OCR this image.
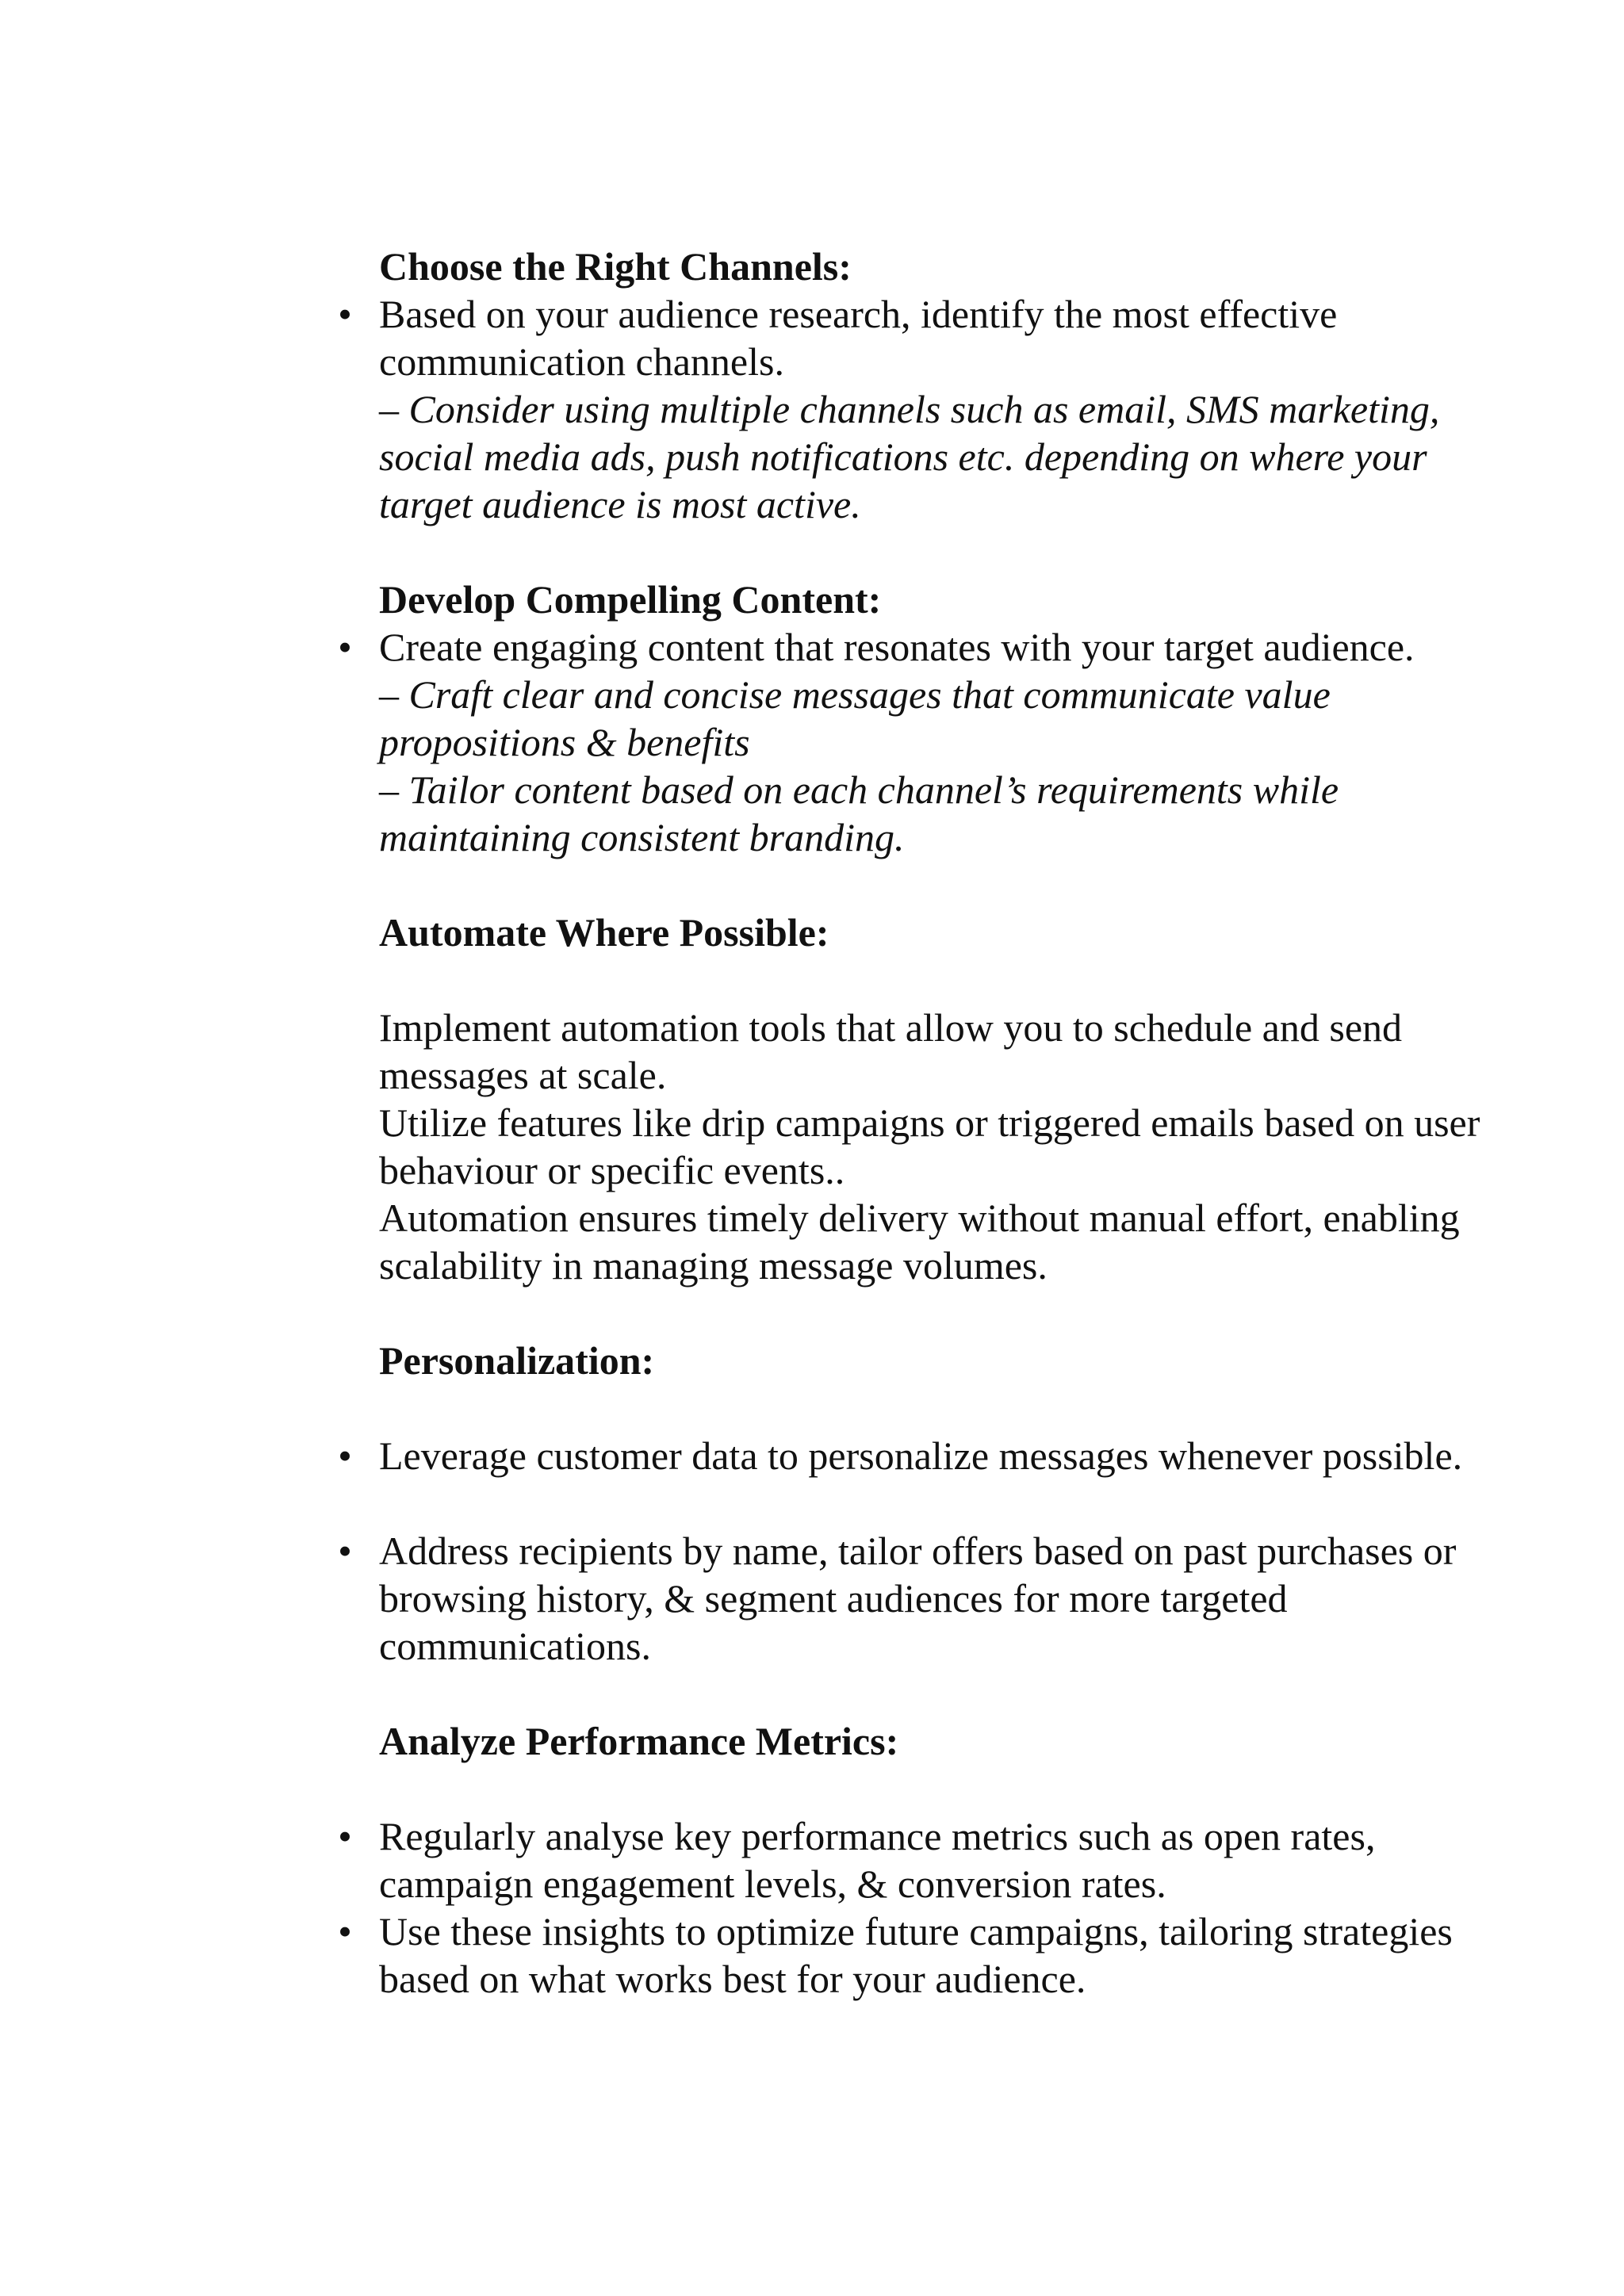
Choose the Right Channels:

• Based on your audience research, identify the most effective communication channels.
– Consider using multiple channels such as email, SMS marketing, social media ads, push notifications etc. depending on where your target audience is most active.

Develop Compelling Content:

• Create engaging content that resonates with your target audience.
– Craft clear and concise messages that communicate value propositions & benefits
– Tailor content based on each channel’s requirements while maintaining consistent branding.

Automate Where Possible:

Implement automation tools that allow you to schedule and send messages at scale.
Utilize features like drip campaigns or triggered emails based on user behaviour or specific events..
Automation ensures timely delivery without manual effort, enabling scalability in managing message volumes.

Personalization:

• Leverage customer data to personalize messages whenever possible.
• Address recipients by name, tailor offers based on past purchases or browsing history, & segment audiences for more targeted communications.

Analyze Performance Metrics:

• Regularly analyse key performance metrics such as open rates, campaign engagement levels, & conversion rates.
• Use these insights to optimize future campaigns, tailoring strategies based on what works best for your audience.
